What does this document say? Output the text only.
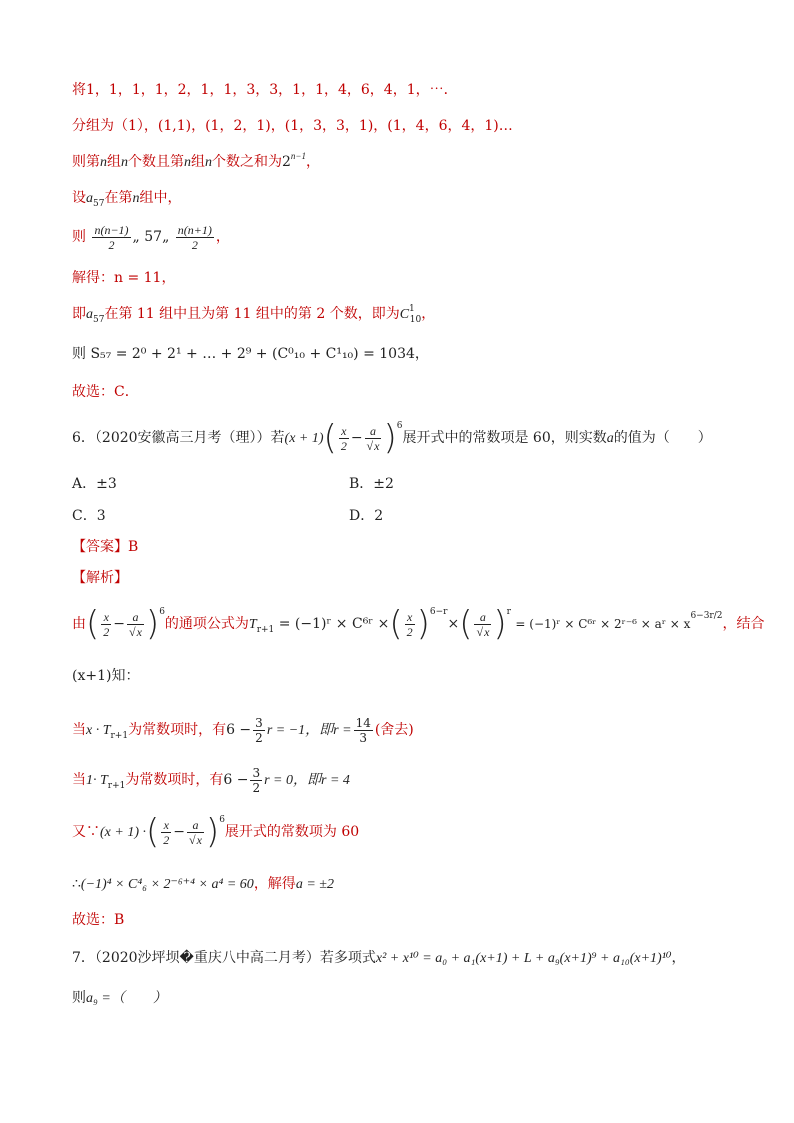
将1，1，1，1，2，1，1，3，3，1，1，4，6，4，1，⋯．
分组为（1），(1,1)，(1，2，1)，(1，3，3，1)，(1，4，6，4，1)…
则第n组n个数且第n组n个数之和为$2^{n-1}$，
设$a_{57}$在第n组中，
则 $\frac{n(n-1)}{2}$ „ 57„ $\frac{n(n+1)}{2}$ ，
解得：n = 11，
即$a_{57}$在第 11 组中且为第 11 组中的第 2 个数，即为$C^1_{10}$，
则 S₅₇ = 2⁰ + 2¹ + … + 2⁹ + (C⁰₁₀ + C¹₁₀) = 1034，
故选：C．
6．（2020安徽高三月考（理））若$(x + 1)( \frac{x}{2} - \frac{a}{√x} )^6$展开式中的常数项是 60，则实数a的值为（　　）
A．±3	B．±2
C．3	D．2
【答案】B
【解析】
由( $\frac{x}{2} - \frac{a}{√x} )^6$的通项公式为$T_{r+1}$ = (−1)ʳ × C⁶ʳ ×( $\frac{x}{2} )^{6-r}\times( \frac{a}{√x} )^r$ = (−1)ʳ × C⁶ʳ × 2ʳ⁻⁶ × aʳ × $x^{6-3r/2}$，结合
(x+1)知：
当$x \cdot T_{r+1}$为常数项时，有$6 - \frac{3}{2}$ r = −1，即$r = \frac{14}{3}$ (舍去)
当$1\cdot T_{r+1}$为常数项时，有$6 - \frac{3}{2}$ r = 0，即r = 4
又∵(x + 1) ·( $\frac{x}{2} - \frac{a}{√x} )^6$展开式的常数项为 60
∴(−1)⁴ × C⁴₆ × 2⁻⁶⁺⁴ × a⁴ = 60，解得a = ±2
故选：B
7．（2020沙坪坝�重庆八中高二月考）若多项式x² + x¹⁰ = a₀ + a₁(x+1) + L + a₉(x+1)⁹ + a₁₀(x+1)¹⁰，
则a₉ =（　　）
